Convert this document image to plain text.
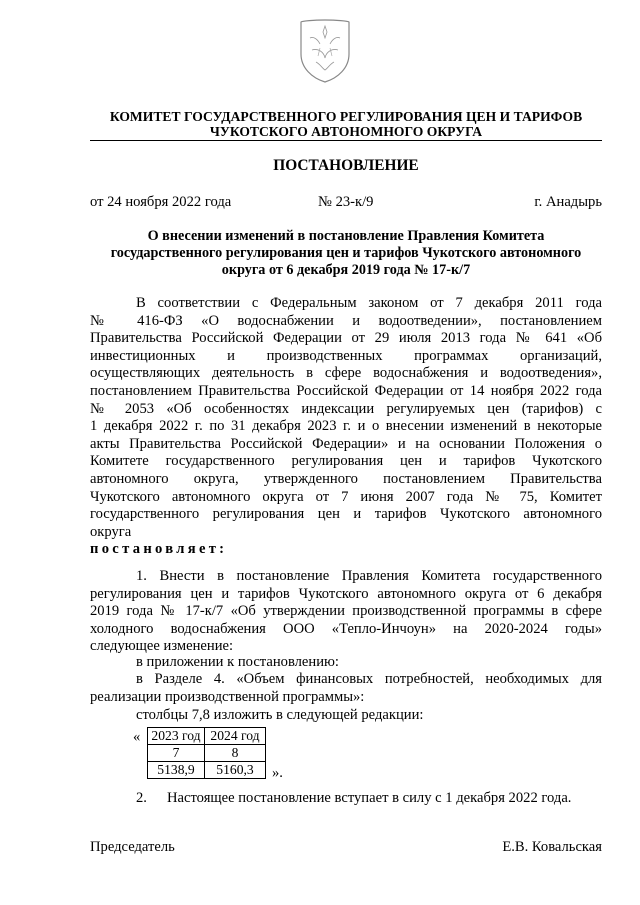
КОМИТЕТ ГОСУДАРСТВЕННОГО РЕГУЛИРОВАНИЯ ЦЕН И ТАРИФОВ
ЧУКОТСКОГО АВТОНОМНОГО ОКРУГА
ПОСТАНОВЛЕНИЕ
от 24 ноября 2022 года	№ 23-к/9	г. Анадырь
О внесении изменений в постановление Правления Комитета
государственного регулирования цен и тарифов Чукотского автономного
округа от 6 декабря 2019 года № 17-к/7
В соответствии с Федеральным законом от 7 декабря 2011 года
№ 416-ФЗ «О водоснабжении и водоотведении», постановлением
Правительства Российской Федерации от 29 июля 2013 года № 641 «Об
инвестиционных и производственных программах организаций,
осуществляющих деятельность в сфере водоснабжения и водоотведения»,
постановлением Правительства Российской Федерации от 14 ноября 2022 года
№ 2053 «Об особенностях индексации регулируемых цен (тарифов) с
1 декабря 2022 г. по 31 декабря 2023 г. и о внесении изменений в некоторые
акты Правительства Российской Федерации» и на основании Положения о
Комитете государственного регулирования цен и тарифов Чукотского
автономного округа, утвержденного постановлением Правительства
Чукотского автономного округа от 7 июня 2007 года № 75, Комитет
государственного регулирования цен и тарифов Чукотского автономного
округа
постановляет:
1. Внести в постановление Правления Комитета государственного
регулирования цен и тарифов Чукотского автономного округа от 6 декабря
2019 года № 17-к/7 «Об утверждении производственной программы в сфере
холодного водоснабжения ООО «Тепло-Инчоун» на 2020-2024 годы»
следующее изменение:
в приложении к постановлению:
в Разделе 4. «Объем финансовых потребностей, необходимых для
реализации производственной программы»:
столбцы 7,8 изложить в следующей редакции:
« 2023 год	2024 год
7	8
5138,9	5160,3 ».
2. Настоящее постановление вступает в силу с 1 декабря 2022 года.
Председатель	Е.В. Ковальская
